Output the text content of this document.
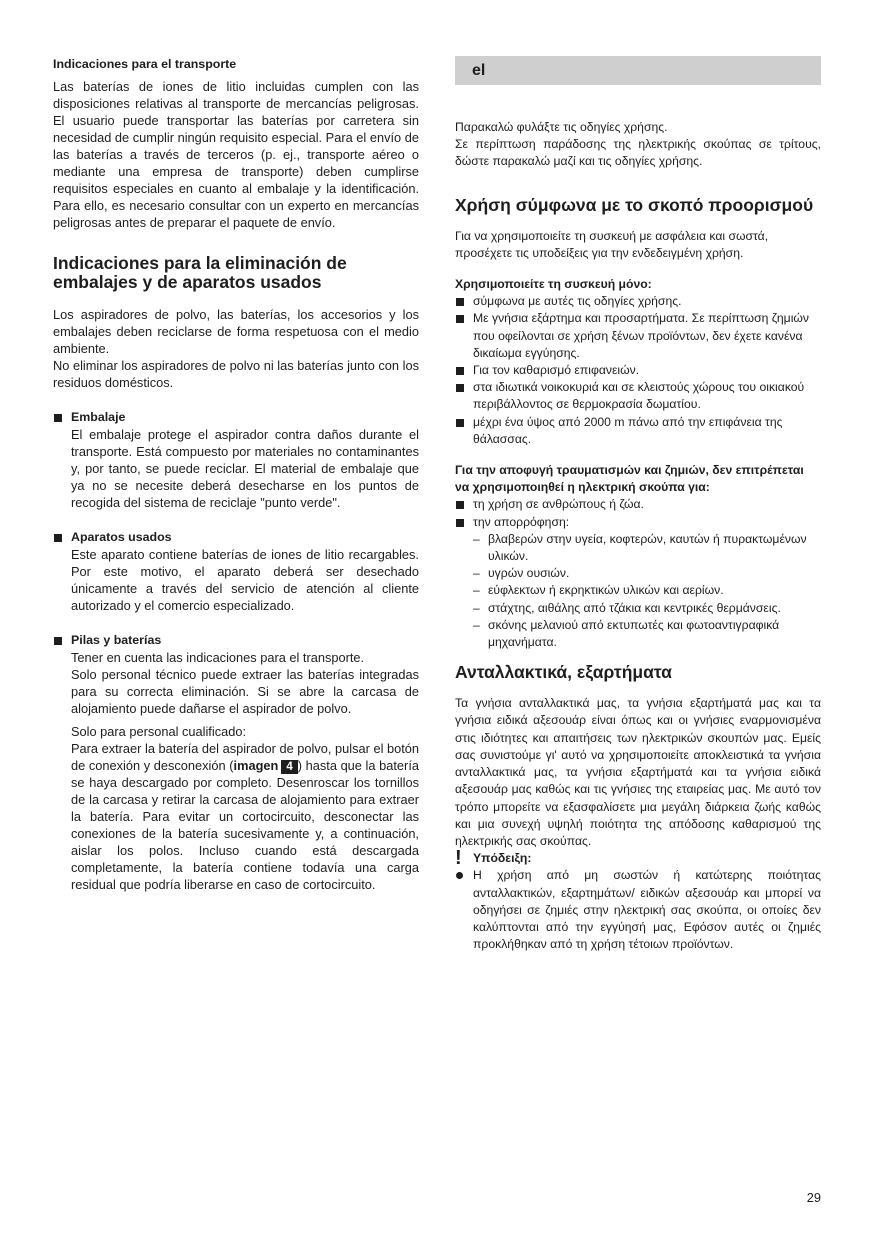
Indicaciones para el transporte

Las baterías de iones de litio incluidas cumplen con las disposiciones relativas al transporte de mercancías peligrosas. El usuario puede transportar las baterías por carretera sin necesidad de cumplir ningún requisito especial. Para el envío de las baterías a través de terceros (p. ej., transporte aéreo o mediante una empresa de transporte) deben cumplirse requisitos especiales en cuanto al embalaje y la identificación. Para ello, es necesario consultar con un experto en mercancías peligrosas antes de preparar el paquete de envío.

Indicaciones para la eliminación de embalajes y de aparatos usados

Los aspiradores de polvo, las baterías, los accesorios y los embalajes deben reciclarse de forma respetuosa con el medio ambiente.

No eliminar los aspiradores de polvo ni las baterías junto con los residuos domésticos.

Embalaje

El embalaje protege el aspirador contra daños durante el transporte. Está compuesto por materiales no contaminantes y, por tanto, se puede reciclar. El material de embalaje que ya no se necesite deberá desecharse en los puntos de recogida del sistema de reciclaje "punto verde".

Aparatos usados

Este aparato contiene baterías de iones de litio recargables. Por este motivo, el aparato deberá ser desechado únicamente a través del servicio de atención al cliente autorizado y el comercio especializado.

Pilas y baterías

Tener en cuenta las indicaciones para el transporte.

Solo personal técnico puede extraer las baterías integradas para su correcta eliminación. Si se abre la carcasa de alojamiento puede dañarse el aspirador de polvo.

Solo para personal cualificado:

Para extraer la batería del aspirador de polvo, pulsar el botón de conexión y desconexión (imagen 4 ) hasta que la batería se haya descargado por completo. Desenroscar los tornillos de la carcasa y retirar la carcasa de alojamiento para extraer la batería. Para evitar un cortocircuito, desconectar las conexiones de la batería sucesivamente y, a continuación, aislar los polos. Incluso cuando está descargada completamente, la batería contiene todavía una carga residual que podría liberarse en caso de cortocircuito.

el

Παρακαλώ φυλάξτε τις οδηγίες χρήσης.

Σε περίπτωση παράδοσης της ηλεκτρικής σκούπας σε τρίτους, δώστε παρακαλώ μαζί και τις οδηγίες χρήσης.

Χρήση σύμφωνα με το σκοπό προορισμού

Για να χρησιμοποιείτε τη συσκευή με ασφάλεια και σωστά, προσέχετε τις υποδείξεις για την ενδεδειγμένη χρήση.

Χρησιμοποιείτε τη συσκευή μόνο:

σύμφωνα με αυτές τις οδηγίες χρήσης.
Με γνήσια εξάρτημα και προσαρτήματα. Σε περίπτωση ζημιών που οφείλονται σε χρήση ξένων προϊόντων, δεν έχετε κανένα δικαίωμα εγγύησης.
Για τον καθαρισμό επιφανειών.
στα ιδιωτικά νοικοκυριά και σε κλειστούς χώρους του οικιακού περιβάλλοντος σε θερμοκρασία δωματίου.
μέχρι ένα ύψος από 2000 m πάνω από την επιφάνεια της θάλασσας.

Για την αποφυγή τραυματισμών και ζημιών, δεν επιτρέπεται να χρησιμοποιηθεί η ηλεκτρική σκούπα για:

τη χρήση σε ανθρώπους ή ζώα.
την απορρόφηση:
– βλαβερών στην υγεία, κοφτερών, καυτών ή πυρακτωμένων υλικών.
– υγρών ουσιών.
– εύφλεκτων ή εκρηκτικών υλικών και αερίων.
– στάχτης, αιθάλης από τζάκια και κεντρικές θερμάνσεις.
– σκόνης μελανιού από εκτυπωτές και φωτοαντιγραφικά μηχανήματα.

Ανταλλακτικά, εξαρτήματα

Τα γνήσια ανταλλακτικά μας, τα γνήσια εξαρτήματά μας και τα γνήσια ειδικά αξεσουάρ είναι όπως και οι γνήσιες εναρμονισμένα στις ιδιότητες και απαιτήσεις των ηλεκτρικών σκουπών μας. Εμείς σας συνιστούμε γι' αυτό να χρησιμοποιείτε αποκλειστικά τα γνήσια ανταλλακτικά μας, τα γνήσια εξαρτήματά και τα γνήσια ειδικά αξεσουάρ μας καθώς και τις γνήσιες της εταιρείας μας. Με αυτό τον τρόπο μπορείτε να εξασφαλίσετε μια μεγάλη διάρκεια ζωής καθώς και μια συνεχή υψηλή ποιότητα της απόδοσης καθαρισμού της ηλεκτρικής σας σκούπας.

! Υπόδειξη:

Η χρήση από μη σωστών ή κατώτερης ποιότητας ανταλλακτικών, εξαρτημάτων/ ειδικών αξεσουάρ και μπορεί να οδηγήσει σε ζημιές στην ηλεκτρική σας σκούπα, οι οποίες δεν καλύπτονται από την εγγύησή μας, Εφόσον αυτές οι ζημιές προκλήθηκαν από τη χρήση τέτοιων προϊόντων.
29
